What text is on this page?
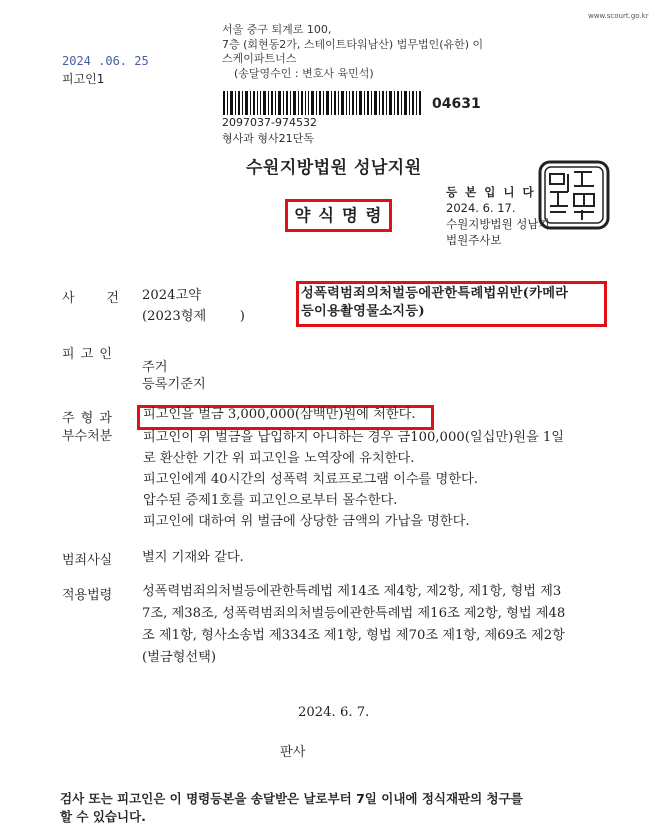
2024 .06. 25
피고인1
서울 중구 퇴계로 100,
7층 (회현동2가, 스테이트타워남산) 법무법인(유한) 이
스케이파트너스
(송달영수인 : 변호사 육민석)
www.scourt.go.kr
04631
2097037-974532
형사과 형사21단독
수원지방법원 성남지원
등 본 입 니 다
2024. 6. 17.
수원지방법원 성남지
법원주사보
약 식 명 령
사      건 2024고약
(2023형제        )
성폭력범죄의처벌등에관한특례법위반(카메라
등이용촬영물소지등)
피 고 인
주거
등록기준지
주 형 과
부수처분
피고인을 벌금 3,000,000(삼백만)원에 처한다.
피고인이 위 벌금을 납입하지 아니하는 경우 금100,000(일십만)원을 1일
로 환산한 기간 위 피고인을 노역장에 유치한다.
피고인에게 40시간의 성폭력 치료프로그램 이수를 명한다.
압수된 증제1호를 피고인으로부터 몰수한다.
피고인에 대하여 위 벌금에 상당한 금액의 가납을 명한다.
범죄사실 별지 기재와 같다.
적용법령 성폭력범죄의처벌등에관한특례법 제14조 제4항, 제2항, 제1항, 형법 제3
7조, 제38조, 성폭력범죄의처벌등에관한특례법 제16조 제2항, 형법 제48
조 제1항, 형사소송법 제334조 제1항, 형법 제70조 제1항, 제69조 제2항
(벌금형선택)
2024. 6. 7.
판사
검사 또는 피고인은 이 명령등본을 송달받은 날로부터 7일 이내에 정식재판의 청구를
할 수 있습니다.
